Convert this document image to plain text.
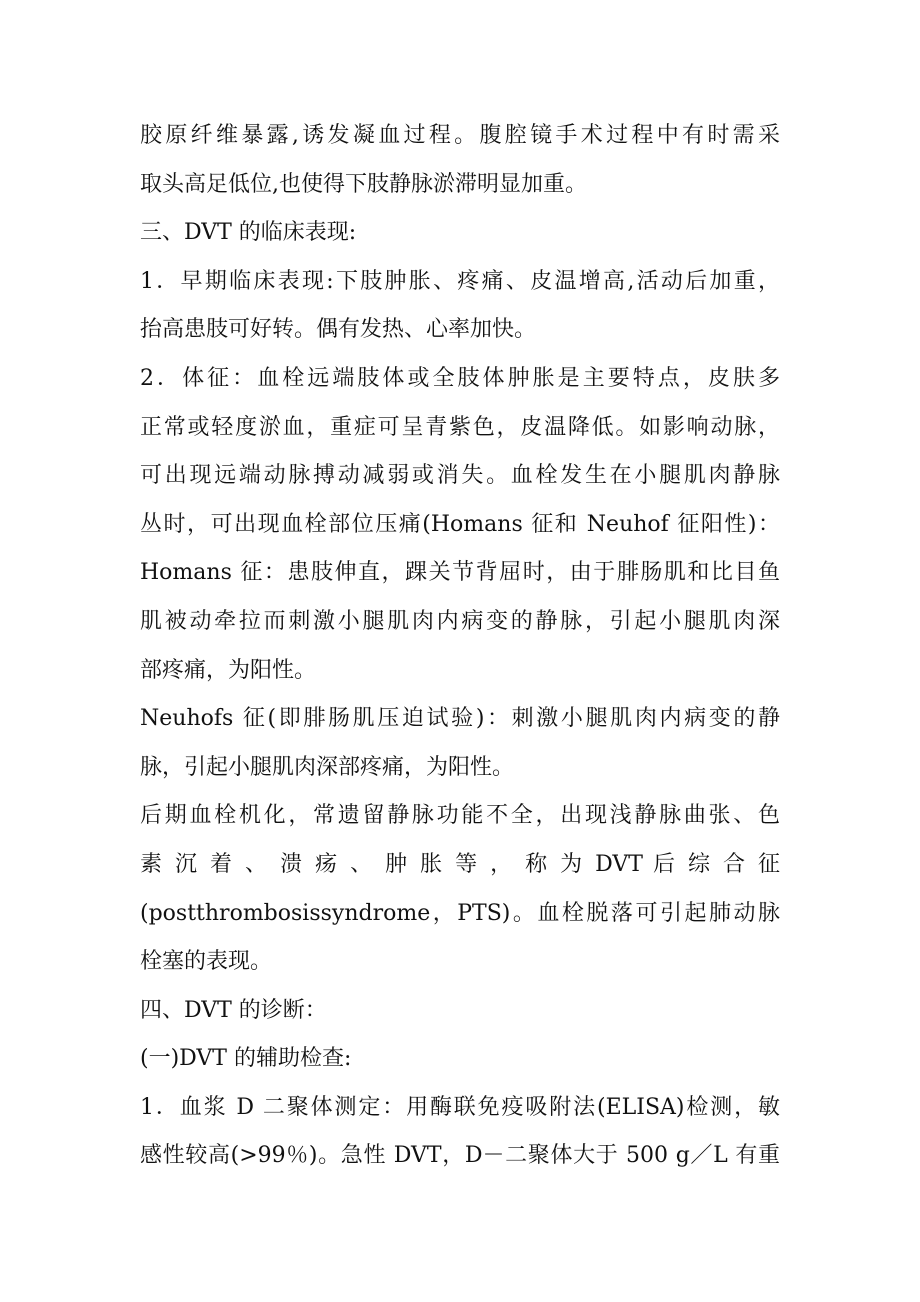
胶原纤维暴露,诱发凝血过程。腹腔镜手术过程中有时需采
取头高足低位,也使得下肢静脉淤滞明显加重。
三、DVT 的临床表现:
1．早期临床表现:下肢肿胀、疼痛、皮温增高,活动后加重，
抬高患肢可好转。偶有发热、心率加快。
2．体征：血栓远端肢体或全肢体肿胀是主要特点，皮肤多
正常或轻度淤血，重症可呈青紫色，皮温降低。如影响动脉，
可出现远端动脉搏动减弱或消失。血栓发生在小腿肌肉静脉
丛时，可出现血栓部位压痛(Homans 征和 Neuhof 征阳性)：
Homans 征：患肢伸直，踝关节背屈时，由于腓肠肌和比目鱼
肌被动牵拉而刺激小腿肌肉内病变的静脉，引起小腿肌肉深
部疼痛，为阳性。
Neuhofs 征(即腓肠肌压迫试验)：刺激小腿肌肉内病变的静
脉，引起小腿肌肉深部疼痛，为阳性。
后期血栓机化，常遗留静脉功能不全，出现浅静脉曲张、色
素 沉 着 、 溃 疡 、 肿 胀 等 ， 称 为 DVT 后 综 合 征
(postthrombosissyndrome，PTS)。血栓脱落可引起肺动脉
栓塞的表现。
四、DVT 的诊断：
(一)DVT 的辅助检查:
1．血浆 D 二聚体测定：用酶联免疫吸附法(ELISA)检测，敏
感性较高(>99％)。急性 DVT，D－二聚体大于 500 g／L 有重
